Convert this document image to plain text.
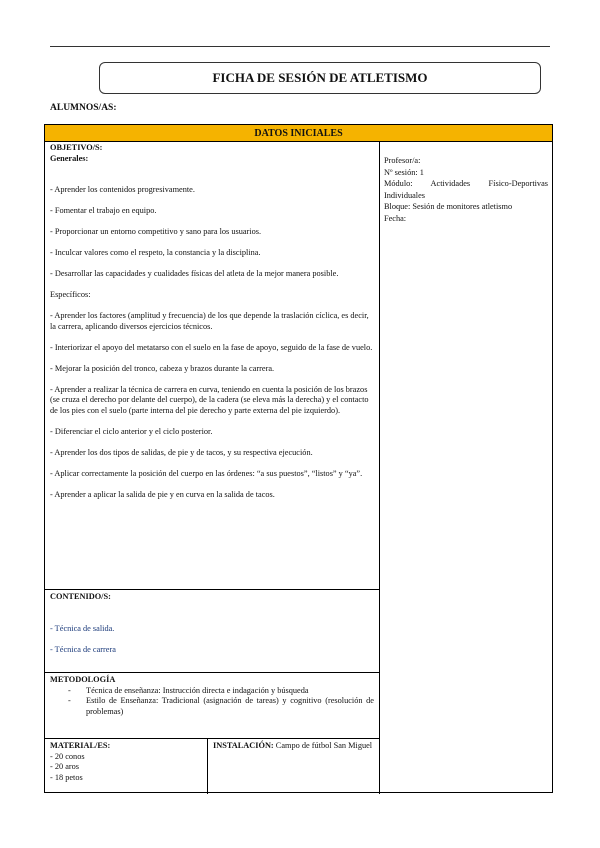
FICHA DE SESIÓN DE ATLETISMO
ALUMNOS/AS:
DATOS INICIALES
OBJETIVO/S:
Generales:

- Aprender los contenidos progresivamente.

- Fomentar el trabajo en equipo.

- Proporcionar un entorno competitivo y sano para los usuarios.

- Inculcar valores como el respeto, la constancia y la disciplina.

- Desarrollar las capacidades y cualidades físicas del atleta de la mejor manera posible.

Específicos:

- Aprender los factores (amplitud y frecuencia) de los que depende la traslación cíclica, es decir, la carrera, aplicando diversos ejercicios técnicos.

- Interiorizar el apoyo del metatarso con el suelo en la fase de apoyo, seguido de la fase de vuelo.

- Mejorar la posición del tronco, cabeza y brazos durante la carrera.

- Aprender a realizar la técnica de carrera en curva, teniendo en cuenta la posición de los brazos (se cruza el derecho por delante del cuerpo), de la cadera (se eleva más la derecha) y el contacto de los pies con el suelo (parte interna del pie derecho y parte externa del pie izquierdo).

- Diferenciar el ciclo anterior y el ciclo posterior.

- Aprender los dos tipos de salidas, de pie y de tacos, y su respectiva ejecución.

- Aplicar correctamente la posición del cuerpo en las órdenes: “a sus puestos”, “listos” y “ya”.

- Aprender a aplicar la salida de pie y en curva en la salida de tacos.

CONTENIDO/S:

- Técnica de salida.

- Técnica de carrera

METODOLOGÍA
- Técnica de enseñanza: Instrucción directa e indagación y búsqueda
- Estilo de Enseñanza: Tradicional (asignación de tareas) y cognitivo (resolución de problemas)
MATERIAL/ES:
- 20 conos
- 20 aros
- 18 petos
INSTALACIÓN: Campo de fútbol San Miguel
Profesor/a:
Nº sesión: 1
Módulo: Actividades Físico-Deportivas Individuales
Bloque: Sesión de monitores atletismo
Fecha:
